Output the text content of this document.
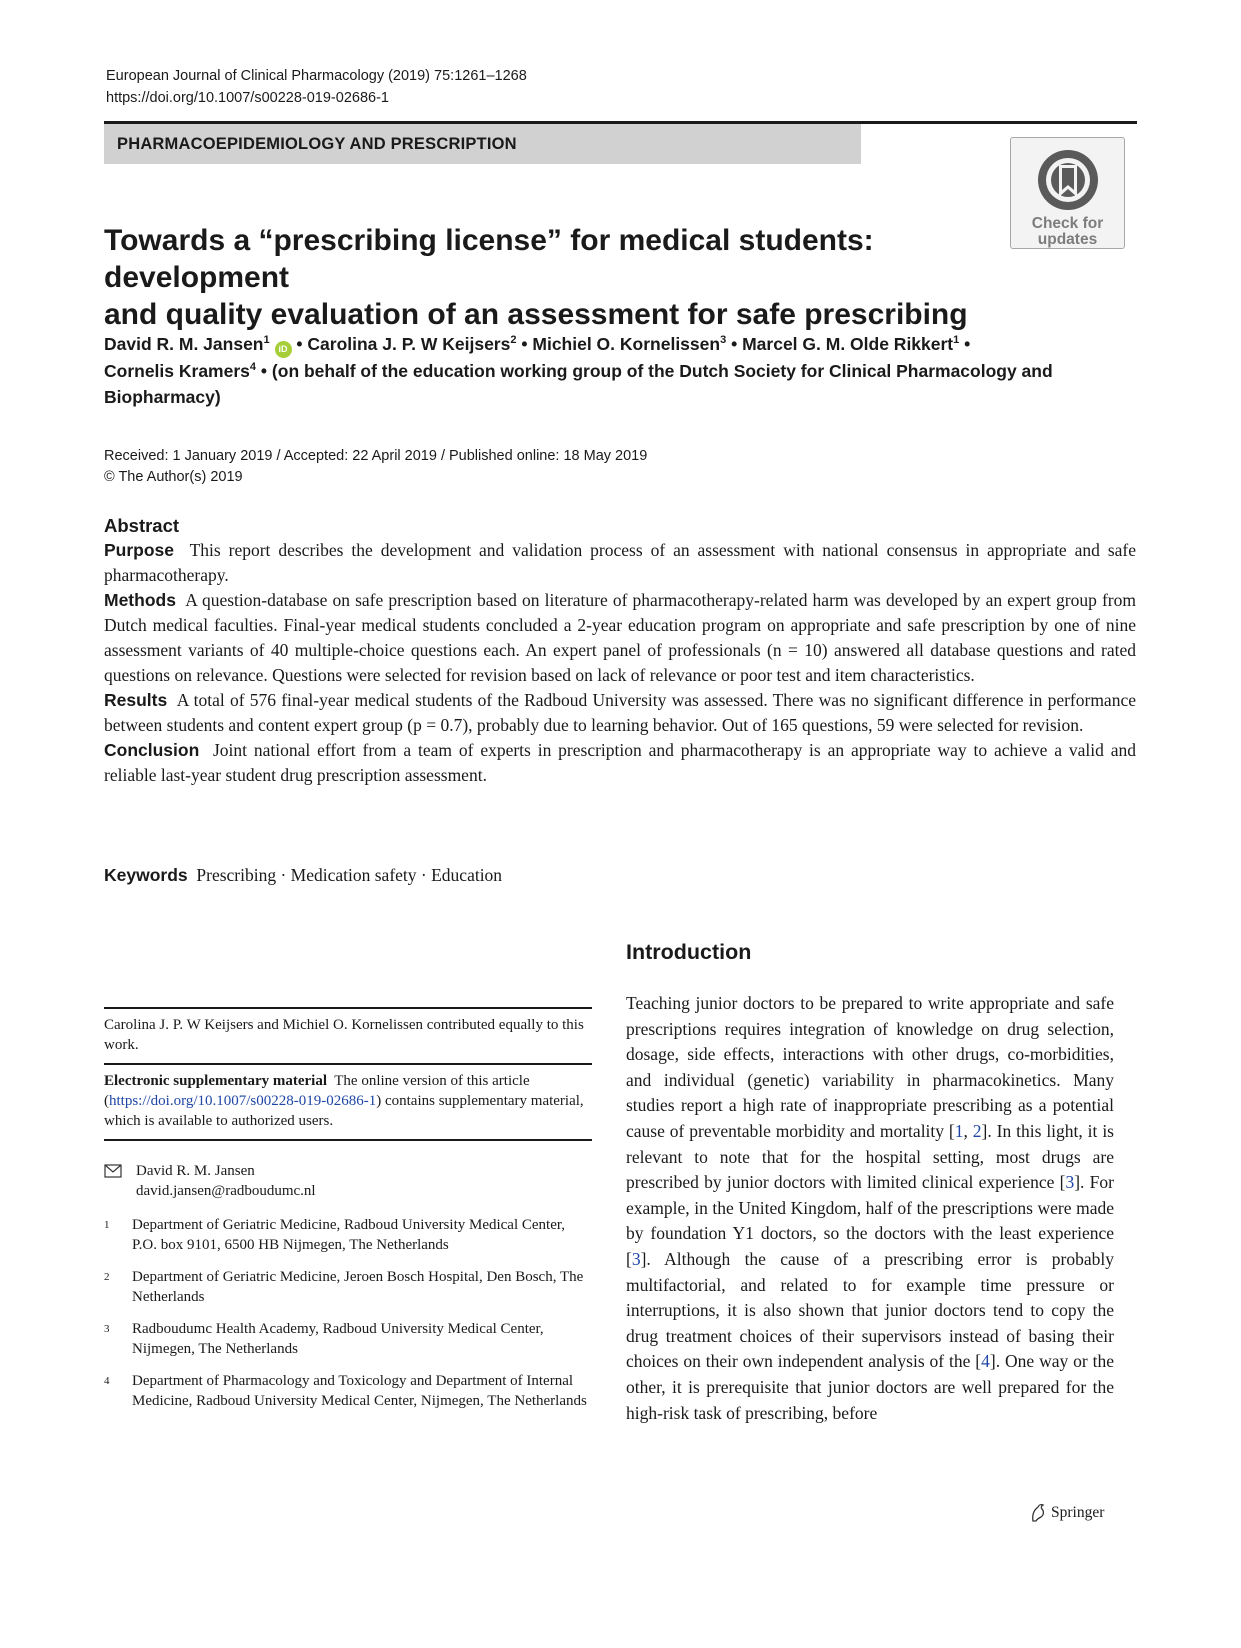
European Journal of Clinical Pharmacology (2019) 75:1261–1268
https://doi.org/10.1007/s00228-019-02686-1
PHARMACOEPIDEMIOLOGY AND PRESCRIPTION
Check for
updates
Towards a “prescribing license” for medical students: development
and quality evaluation of an assessment for safe prescribing
David R. M. Jansen$^1$ iD • Carolina J. P. W Keijsers$^2$ • Michiel O. Kornelissen$^3$ • Marcel G. M. Olde Rikkert$^1$ •
Cornelis Kramers$^4$ • (on behalf of the education working group of the Dutch Society for Clinical Pharmacology and Biopharmacy)
Received: 1 January 2019 / Accepted: 22 April 2019 / Published online: 18 May 2019
© The Author(s) 2019
Abstract

Purpose This report describes the development and validation process of an assessment with national consensus in appropriate and safe pharmacotherapy.

Methods A question-database on safe prescription based on literature of pharmacotherapy-related harm was developed by an expert group from Dutch medical faculties. Final-year medical students concluded a 2-year education program on appropriate and safe prescription by one of nine assessment variants of 40 multiple-choice questions each. An expert panel of professionals (n = 10) answered all database questions and rated questions on relevance. Questions were selected for revision based on lack of relevance or poor test and item characteristics.

Results A total of 576 final-year medical students of the Radboud University was assessed. There was no significant difference in performance between students and content expert group (p = 0.7), probably due to learning behavior. Out of 165 questions, 59 were selected for revision.

Conclusion Joint national effort from a team of experts in prescription and pharmacotherapy is an appropriate way to achieve a valid and reliable last-year student drug prescription assessment.

Keywords Prescribing · Medication safety · Education
Carolina J. P. W Keijsers and Michiel O. Kornelissen contributed equally to this work.
Electronic supplementary material The online version of this article (https://doi.org/10.1007/s00228-019-02686-1) contains supplementary material, which is available to authorized users.
David R. M. Jansen
david.jansen@radboudumc.nl
1	Department of Geriatric Medicine, Radboud University Medical Center, P.O. box 9101, 6500 HB Nijmegen, The Netherlands
2	Department of Geriatric Medicine, Jeroen Bosch Hospital, Den Bosch, The Netherlands
3	Radboudumc Health Academy, Radboud University Medical Center, Nijmegen, The Netherlands
4	Department of Pharmacology and Toxicology and Department of Internal Medicine, Radboud University Medical Center, Nijmegen, The Netherlands
Introduction
Teaching junior doctors to be prepared to write appropriate and safe prescriptions requires integration of knowledge on drug selection, dosage, side effects, interactions with other drugs, co-morbidities, and individual (genetic) variability in pharmacokinetics. Many studies report a high rate of inappropriate prescribing as a potential cause of preventable morbidity and mortality [1, 2]. In this light, it is relevant to note that for the hospital setting, most drugs are prescribed by junior doctors with limited clinical experience [3]. For example, in the United Kingdom, half of the prescriptions were made by foundation Y1 doctors, so the doctors with the least experience [3]. Although the cause of a prescribing error is probably multifactorial, and related to for example time pressure or interruptions, it is also shown that junior doctors tend to copy the drug treatment choices of their supervisors instead of basing their choices on their own independent analysis of the [4]. One way or the other, it is prerequisite that junior doctors are well prepared for the high-risk task of prescribing, before
Springer
